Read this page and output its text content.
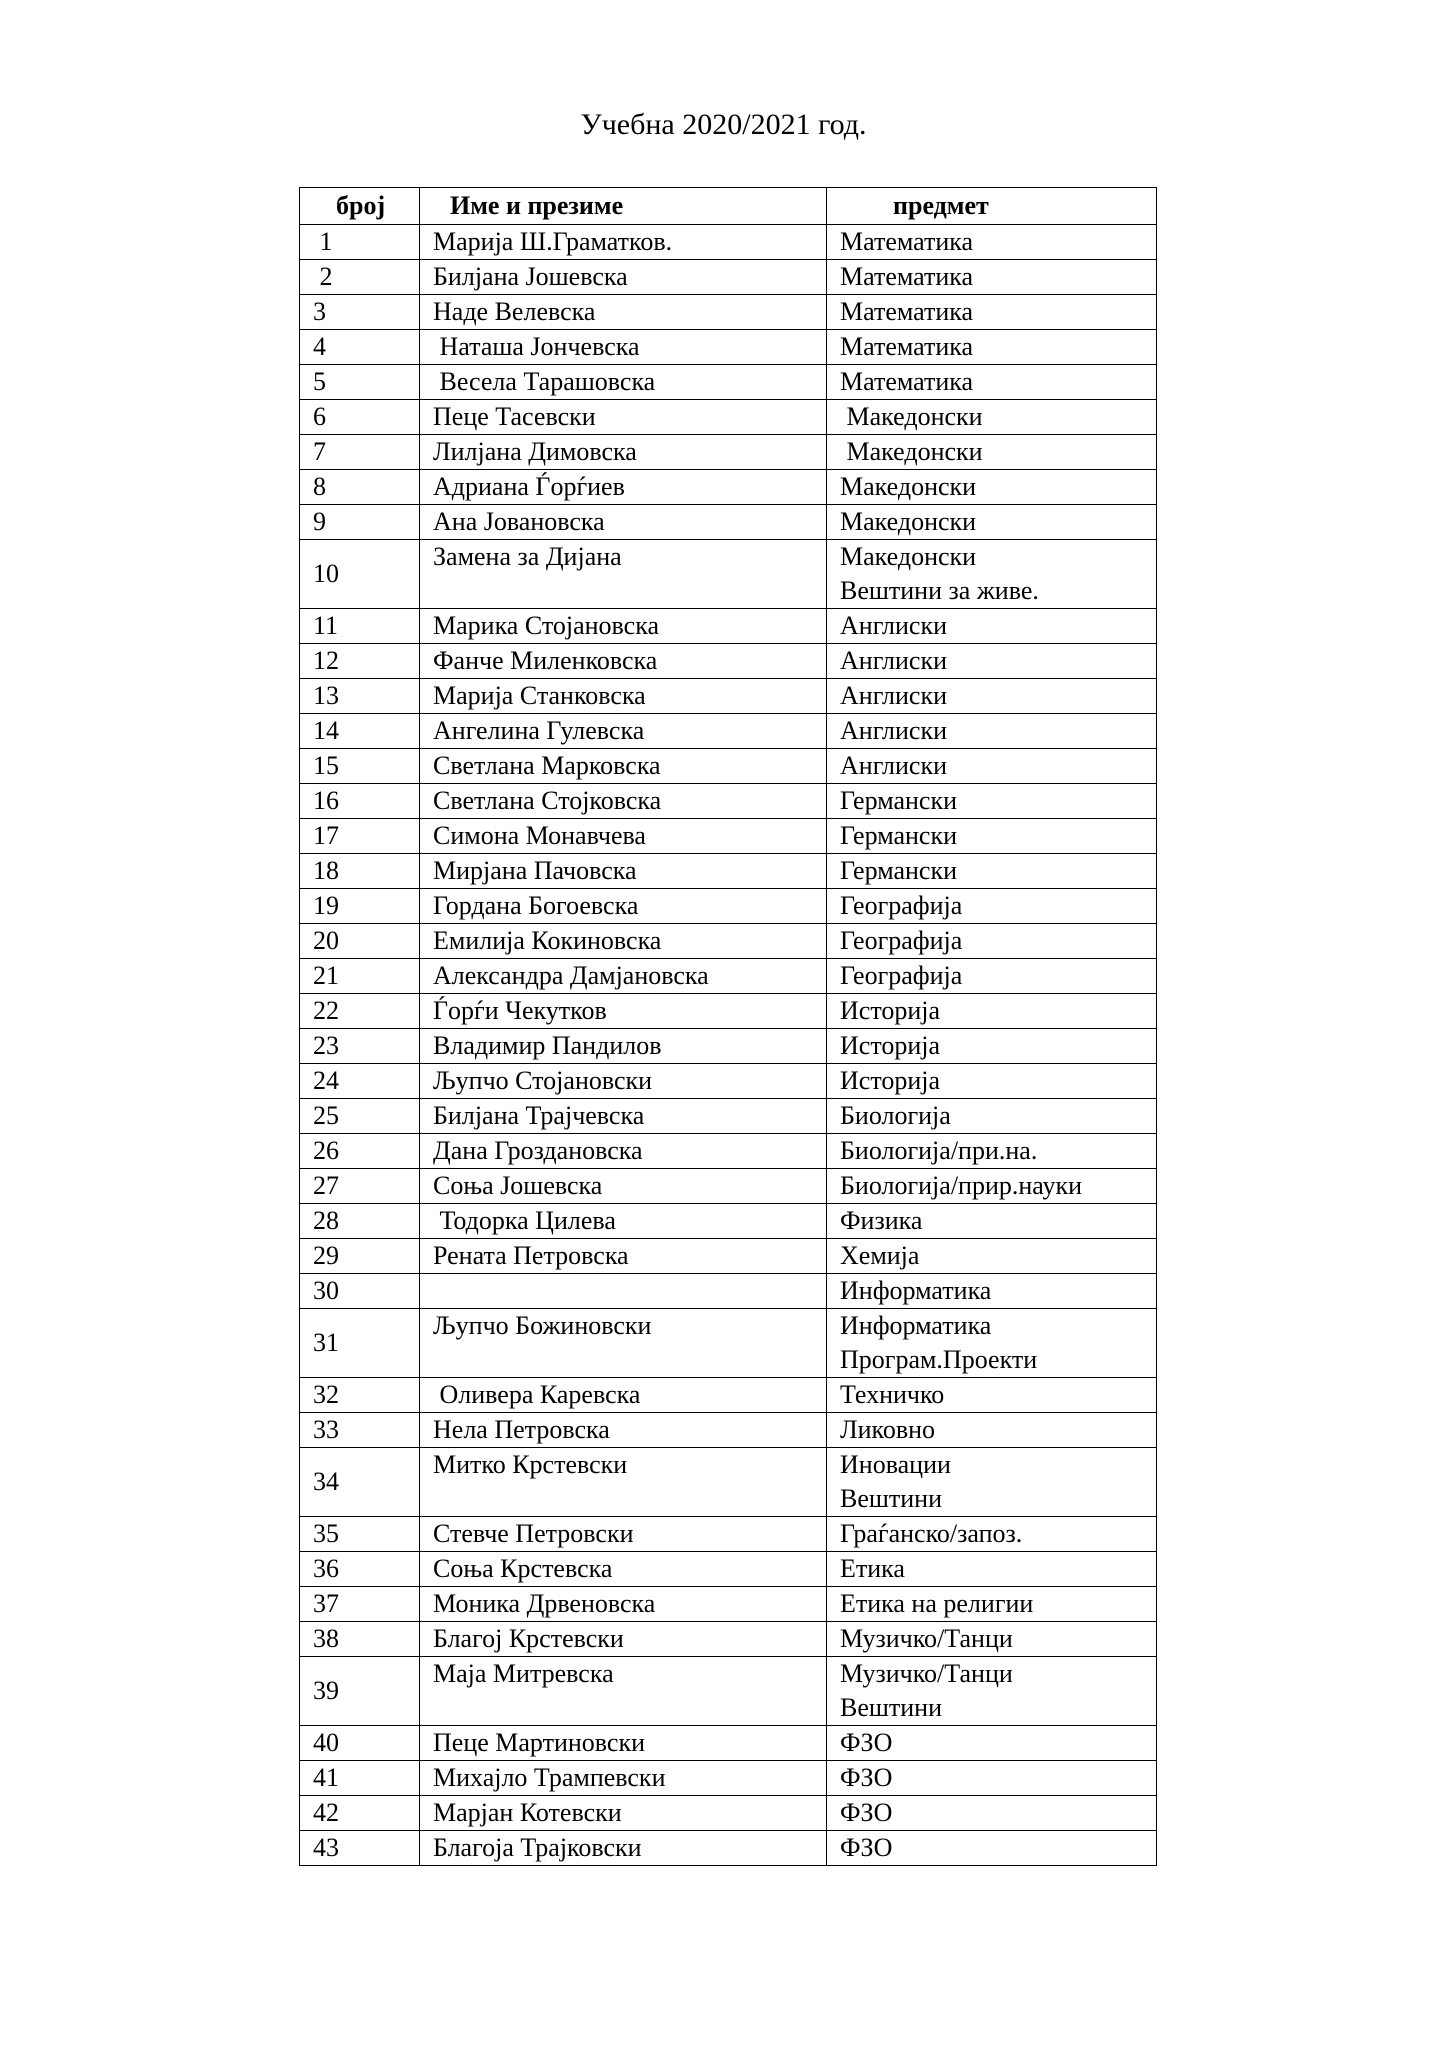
Учебна 2020/2021 год.
број	Име и презиме	предмет
1	Марија Ш.Граматков.	Математика

2	Билјана Јошевска	Математика

3	Наде Велевска	Математика

4	Наташа Јончевска	Математика

5	Весела Тарашовска	Математика

6	Пеце Тасевски	Македонски

7	Лилјана Димовска	Македонски

8	Адриана Ѓорѓиев	Македонски

9	Ана Јовановска	Македонски

10	Замена за Дијана	Македонски
Вештини за живе.

11	Марика Стојановска	Англиски

12	Фанче Миленковска	Англиски

13	Марија Станковска	Англиски

14	Ангелина Гулевска	Англиски

15	Светлана Марковска	Англиски

16	Светлана Стојковска	Германски

17	Симона Монавчева	Германски

18	Мирјана Пачовска	Германски

19	Гордана Богоевска	Географија

20	Емилија Кокиновска	Географија

21	Александра Дамјановска	Географија

22	Ѓорѓи Чекутков	Историја

23	Владимир Пандилов	Историја

24	Љупчо Стојановски	Историја

25	Билјана Трајчевска	Биологија

26	Дана Гроздановска	Биологија/при.на.

27	Соња Јошевска	Биологија/прир.науки

28	Тодорка Цилева	Физика

29	Рената Петровска	Хемија

30		Информатика

31	Љупчо Божиновски	Информатика
Програм.Проекти

32	Оливера Каревска	Техничко

33	Нела Петровска	Ликовно

34	Митко Крстевски	Иновации
Вештини

35	Стевче Петровски	Граѓанско/запоз.

36	Соња Крстевска	Етика

37	Моника Дрвеновска	Етика на религии

38	Благој Крстевски	Музичко/Танци

39	Маја Митревска	Музичко/Танци
Вештини

40	Пеце Мартиновски	ФЗО

41	Михајло Трампевски	ФЗО

42	Марјан Котевски	ФЗО

43	Благоја Трајковски	ФЗО
